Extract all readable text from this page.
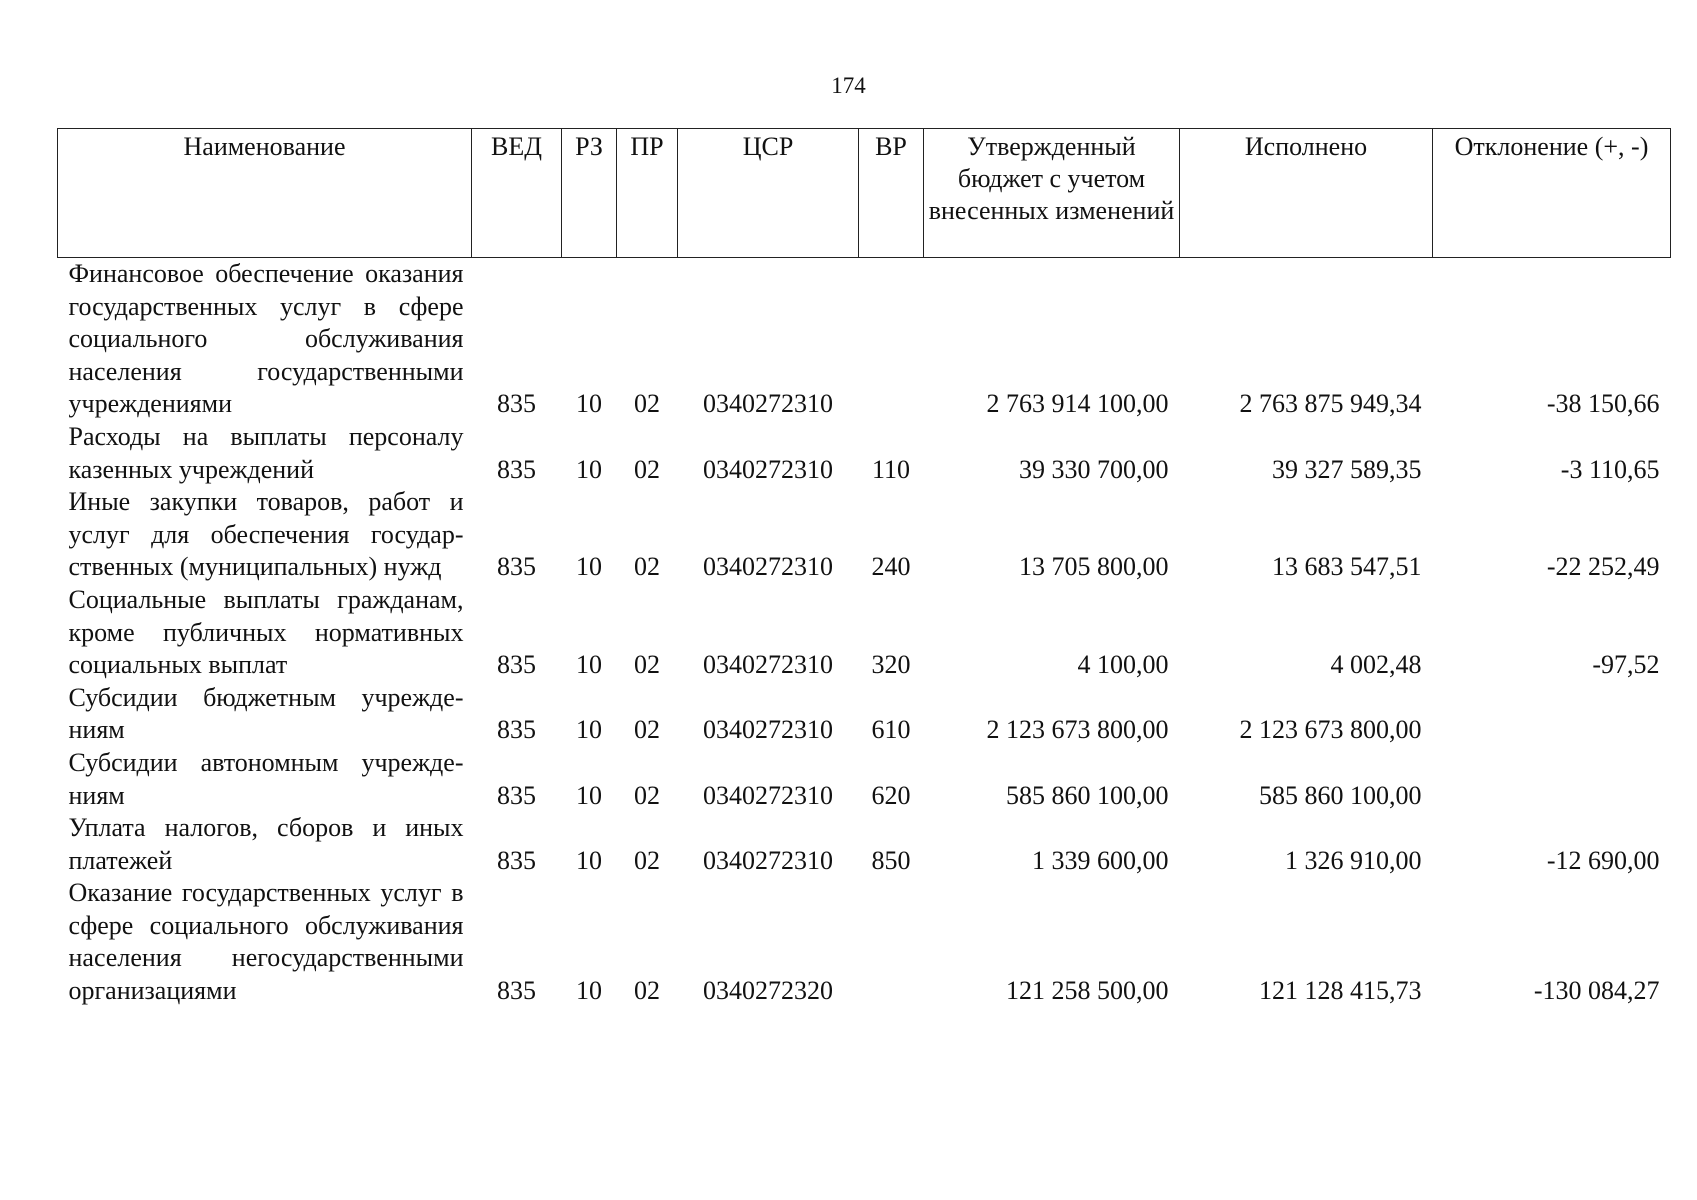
174
Наименование	ВЕД	РЗ	ПР	ЦСР	ВР	Утвержденный бюджет с учетом внесенных изменений	Исполнено	Отклонение (+, -)
Финансовое обеспечение оказания государственных услуг в сфере социального обслуживания населения государственными учреждениями	835	10	02	0340272310		2 763 914 100,00	2 763 875 949,34	-38 150,66
Расходы на выплаты персоналу казенных учреждений	835	10	02	0340272310	110	39 330 700,00	39 327 589,35	-3 110,65
Иные закупки товаров, работ и услуг для обеспечения государственных (муниципальных) нужд	835	10	02	0340272310	240	13 705 800,00	13 683 547,51	-22 252,49
Социальные выплаты гражданам, кроме публичных нормативных социальных выплат	835	10	02	0340272310	320	4 100,00	4 002,48	-97,52
Субсидии бюджетным учреждениям	835	10	02	0340272310	610	2 123 673 800,00	2 123 673 800,00	
Субсидии автономным учреждениям	835	10	02	0340272310	620	585 860 100,00	585 860 100,00	
Уплата налогов, сборов и иных платежей	835	10	02	0340272310	850	1 339 600,00	1 326 910,00	-12 690,00
Оказание государственных услуг в сфере социального обслуживания населения негосударственными организациями	835	10	02	0340272320		121 258 500,00	121 128 415,73	-130 084,27
